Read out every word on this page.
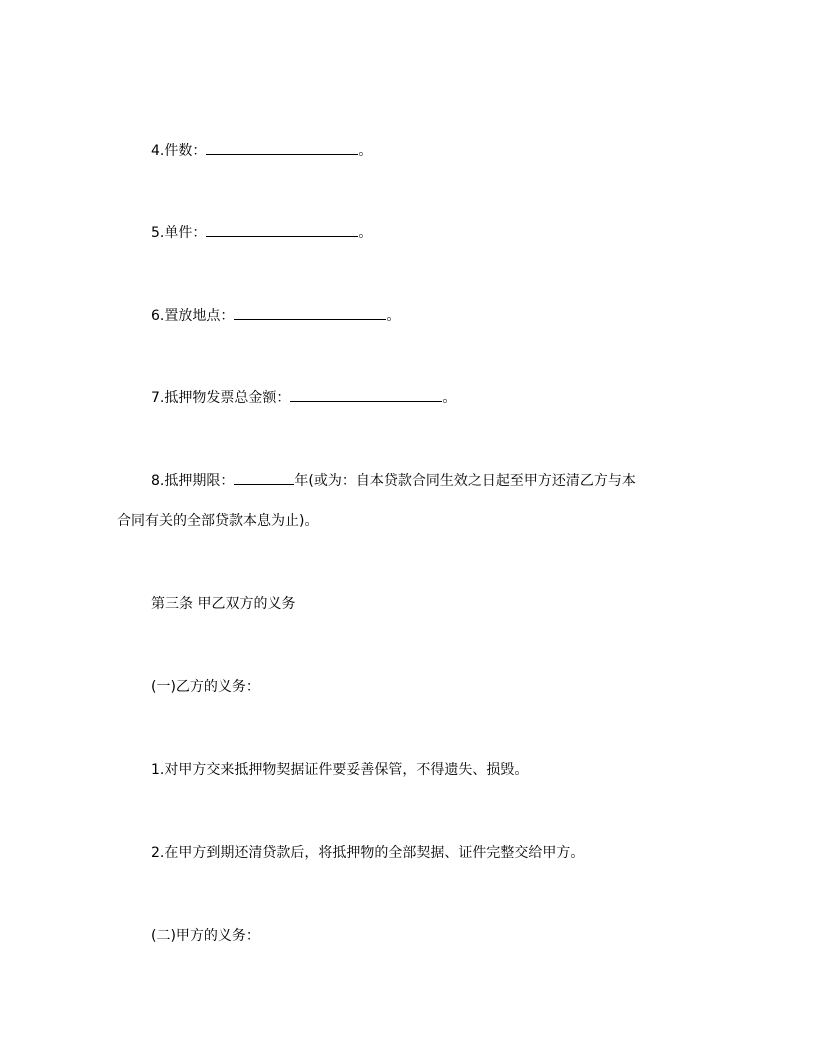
4.件数：	。
5.单件：	。
6.置放地点：	。
7.抵押物发票总金额：	。
8.抵押期限：	年(或为：自本贷款合同生效之日起至甲方还清乙方与本
合同有关的全部贷款本息为止)。
第三条 甲乙双方的义务
(一)乙方的义务：
1.对甲方交来抵押物契据证件要妥善保管，不得遗失、损毁。
2.在甲方到期还清贷款后，将抵押物的全部契据、证件完整交给甲方。
(二)甲方的义务：
